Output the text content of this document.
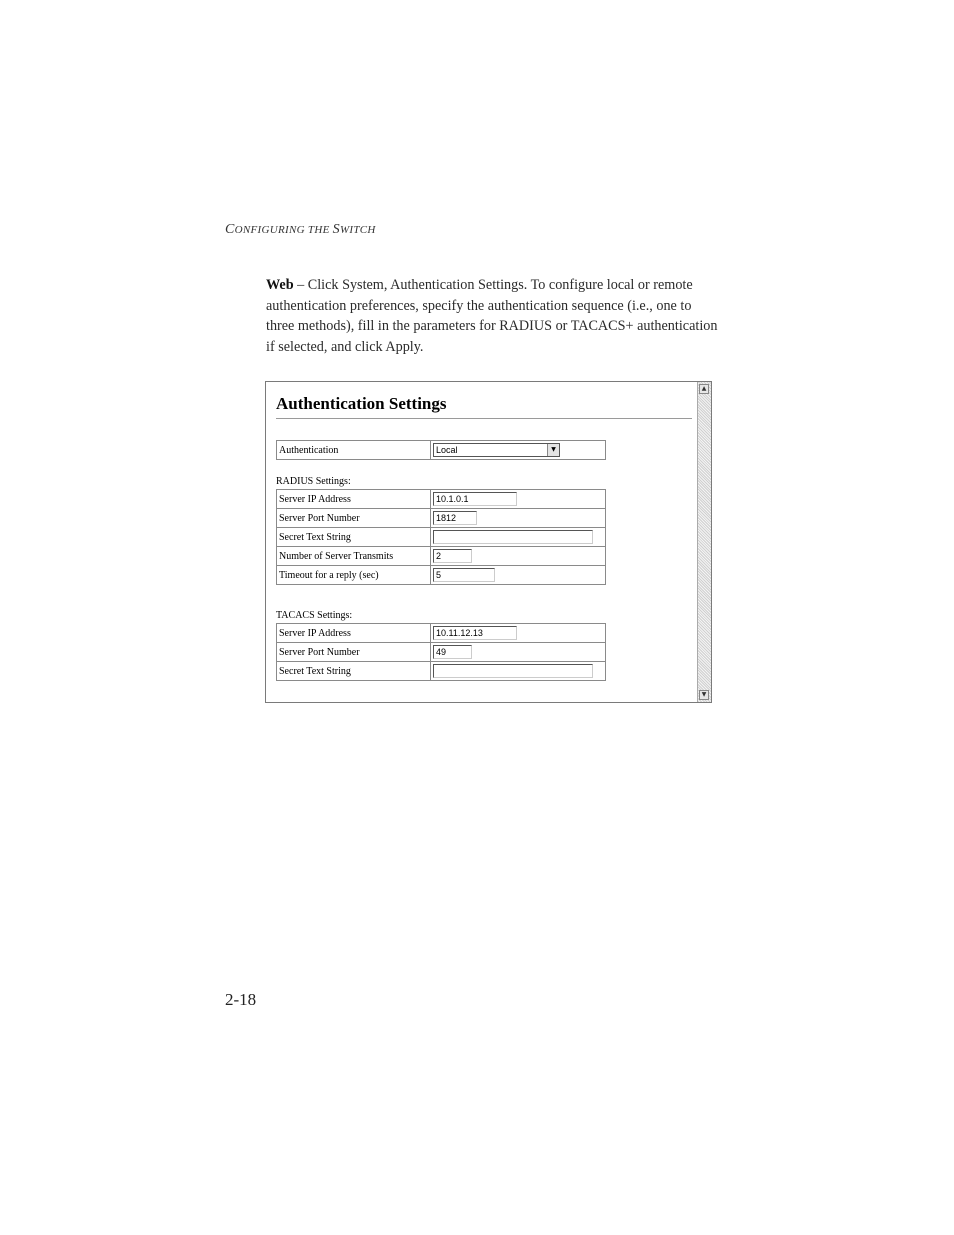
CONFIGURING THE SWITCH
Web – Click System, Authentication Settings. To configure local or remote authentication preferences, specify the authentication sequence (i.e., one to three methods), fill in the parameters for RADIUS or TACACS+ authentication if selected, and click Apply.
Authentication Settings
Authentication	Local	▼
RADIUS Settings:
Server IP Address	10.1.0.1
Server Port Number	1812
Secret Text String	
Number of Server Transmits	2
Timeout for a reply (sec)	5
TACACS Settings:
Server IP Address	10.11.12.13
Server Port Number	49
Secret Text String	
▲
▼
2-18
